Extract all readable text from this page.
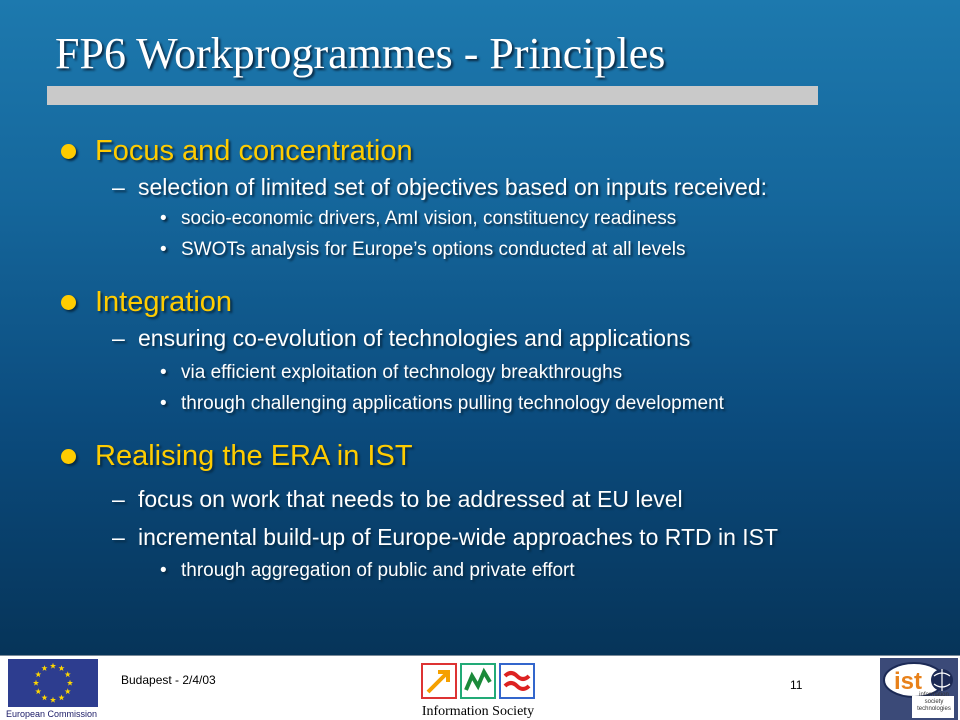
FP6 Workprogrammes - Principles
Focus and concentration
– selection of limited set of objectives based on inputs received:
• socio-economic drivers, AmI vision, constituency readiness
• SWOTs analysis for Europe’s options conducted at all levels
Integration
– ensuring co-evolution of technologies and applications
• via efficient exploitation of technology breakthroughs
• through challenging applications pulling technology development
Realising the ERA in IST
– focus on work that needs to be addressed at EU level
– incremental build-up of Europe-wide approaches to RTD in IST
• through aggregation of public and private effort
European Commission
Budapest - 2/4/03
Information Society
11	ist
information society technologies
